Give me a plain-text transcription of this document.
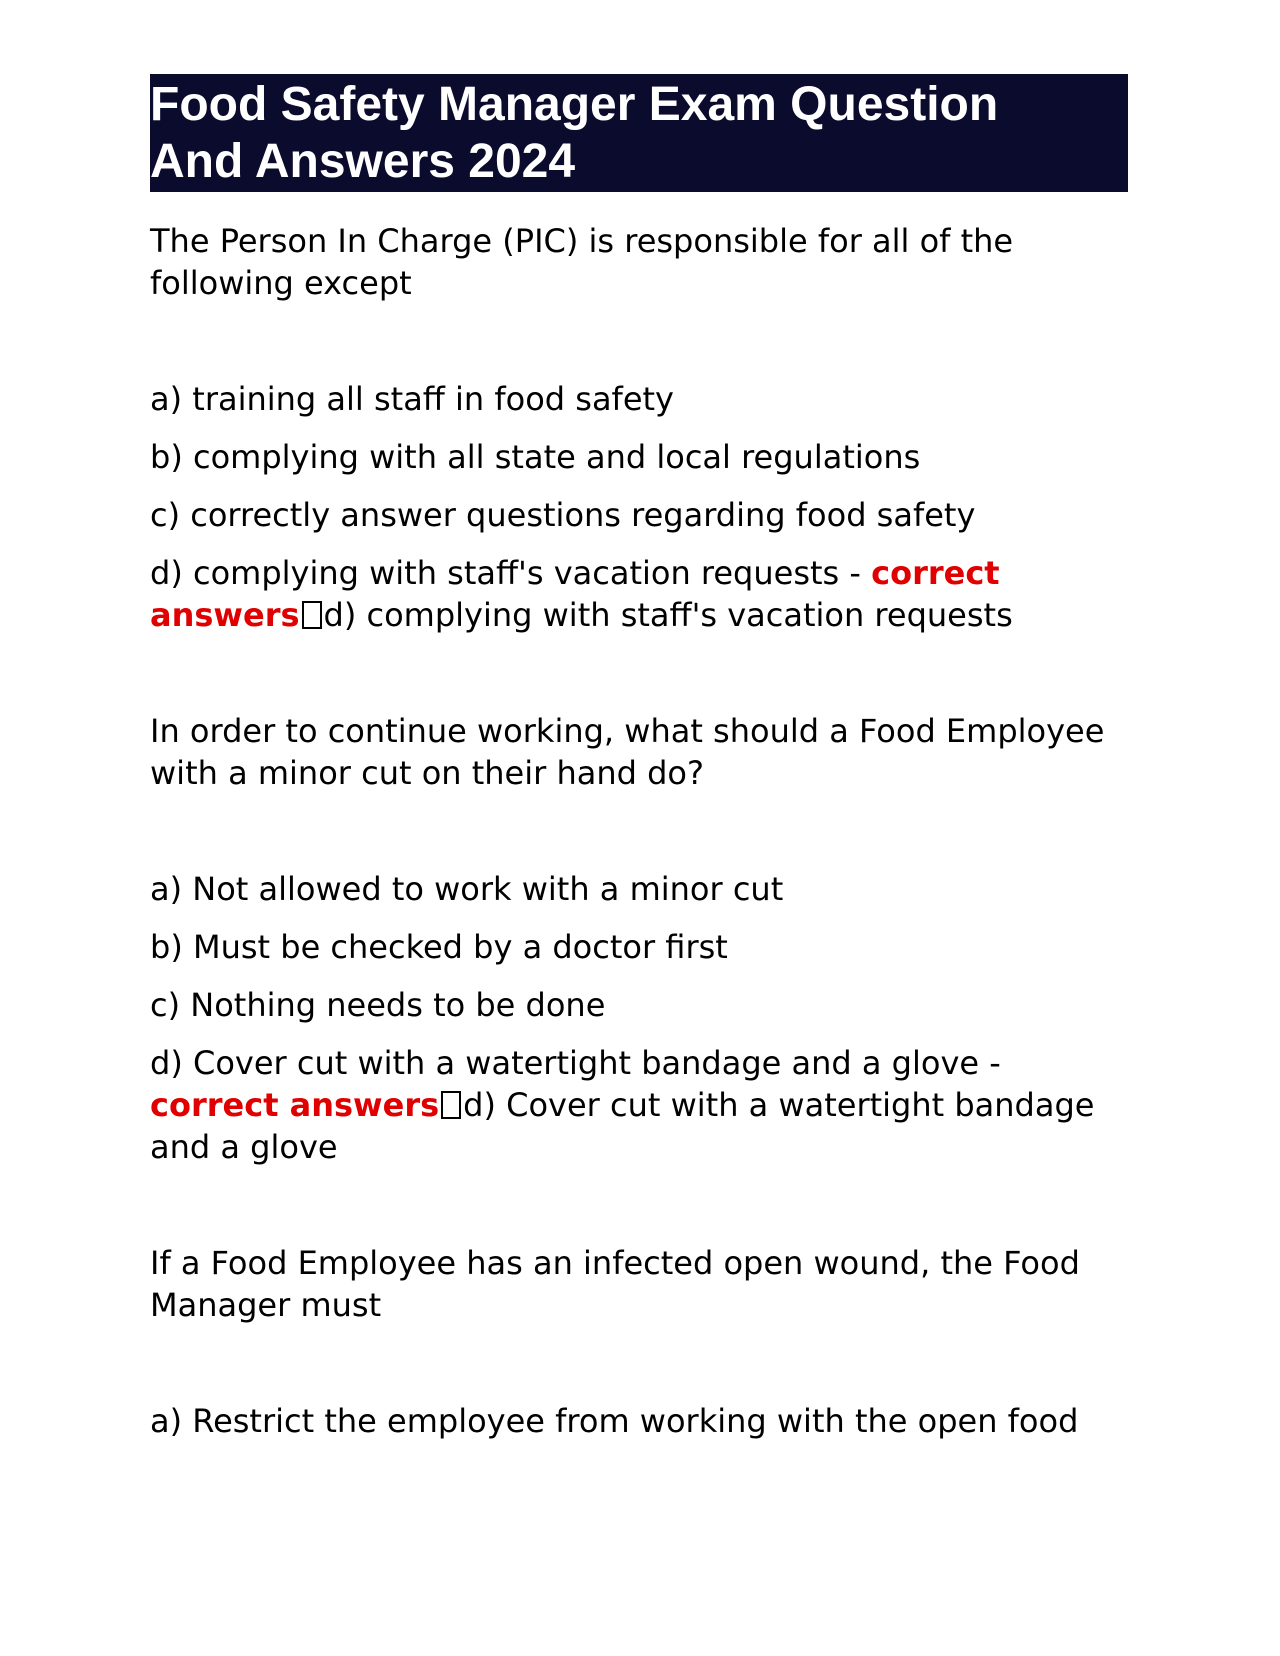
Food Safety Manager Exam Question
And Answers 2024

The Person In Charge (PIC) is responsible for all of the following except

a) training all staff in food safety

b) complying with all state and local regulations

c) correctly answer questions regarding food safety

d) complying with staff's vacation requests - correct answers d) complying with staff's vacation requests

In order to continue working, what should a Food Employee with a minor cut on their hand do?

a) Not allowed to work with a minor cut

b) Must be checked by a doctor first

c) Nothing needs to be done

d) Cover cut with a watertight bandage and a glove - correct answers d) Cover cut with a watertight bandage and a glove

If a Food Employee has an infected open wound, the Food Manager must

a) Restrict the employee from working with the open food
